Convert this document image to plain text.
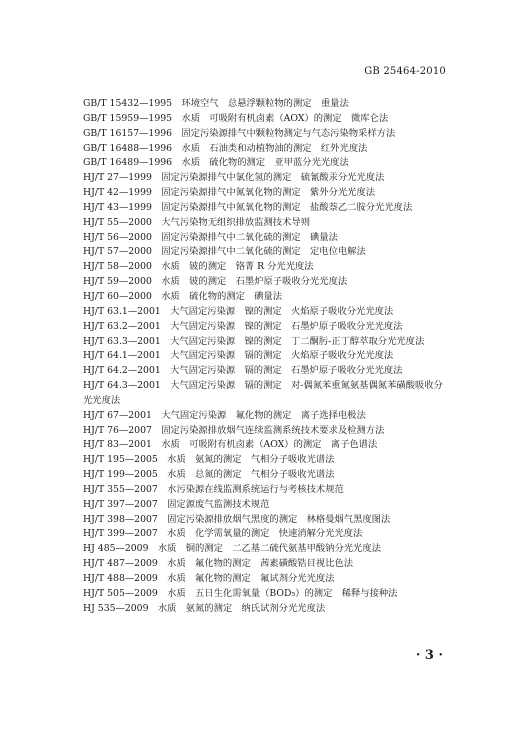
GB 25464-2010
GB/T 15432—1995　 环境空气　总悬浮颗粒物的测定　重量法
GB/T 15959—1995　 水质　可吸附有机卤素（AOX）的测定　微库仑法
GB/T 16157—1996　 固定污染源排气中颗粒物测定与气态污染物采样方法
GB/T 16488—1996　 水质　石油类和动植物油的测定　红外光度法
GB/T 16489—1996　 水质　硫化物的测定　亚甲蓝分光光度法
HJ/T 27—1999　 固定污染源排气中氯化氢的测定　硫氰酸汞分光光度法
HJ/T 42—1999　 固定污染源排气中氮氧化物的测定　紫外分光光度法
HJ/T 43—1999　 固定污染源排气中氮氧化物的测定　盐酸萘乙二胺分光光度法
HJ/T 55—2000　 大气污染物无组织排放监测技术导则
HJ/T 56—2000　 固定污染源排气中二氧化硫的测定　碘量法
HJ/T 57—2000　 固定污染源排气中二氧化硫的测定　定电位电解法
HJ/T 58—2000　 水质　铍的测定　铬菁 R 分光光度法
HJ/T 59—2000　 水质　铍的测定　石墨炉原子吸收分光光度法
HJ/T 60—2000　 水质　硫化物的测定　碘量法
HJ/T 63.1—2001　 大气固定污染源　镍的测定　火焰原子吸收分光光度法
HJ/T 63.2—2001　 大气固定污染源　镍的测定　石墨炉原子吸收分光光度法
HJ/T 63.3—2001　 大气固定污染源　镍的测定　丁二酮肟-正丁醇萃取分光光度法
HJ/T 64.1—2001　 大气固定污染源　镉的测定　火焰原子吸收分光光度法
HJ/T 64.2—2001　 大气固定污染源　镉的测定　石墨炉原子吸收分光光度法
HJ/T 64.3—2001　 大气固定污染源　镉的测定　对-偶氮苯重氮氨基偶氮苯磺酸吸收分光光度法
HJ/T 67—2001　 大气固定污染源　氟化物的测定　离子选择电极法
HJ/T 76—2007　 固定污染源排放烟气连续监测系统技术要求及检测方法
HJ/T 83—2001　 水质　可吸附有机卤素（AOX）的测定　离子色谱法
HJ/T 195—2005　 水质　氨氮的测定　气相分子吸收光谱法
HJ/T 199—2005　 水质　总氮的测定　气相分子吸收光谱法
HJ/T 355—2007　 水污染源在线监测系统运行与考核技术规范
HJ/T 397—2007　 固定源废气监测技术规范
HJ/T 398—2007　 固定污染源排放烟气黑度的测定　林格曼烟气黑度图法
HJ/T 399—2007　 水质　化学需氧量的测定　快速消解分光光度法
HJ 485—2009　 水质　铜的测定　二乙基二硫代氨基甲酸钠分光光度法
HJ/T 487—2009　 水质　氟化物的测定　茜素磺酸锆目视比色法
HJ/T 488—2009　 水质　氟化物的测定　氟试剂分光光度法
HJ/T 505—2009　 水质　五日生化需氧量（BOD₅）的测定　稀释与接种法
HJ 535—2009　 水质　氨氮的测定　纳氏试剂分光光度法
· 3 ·
